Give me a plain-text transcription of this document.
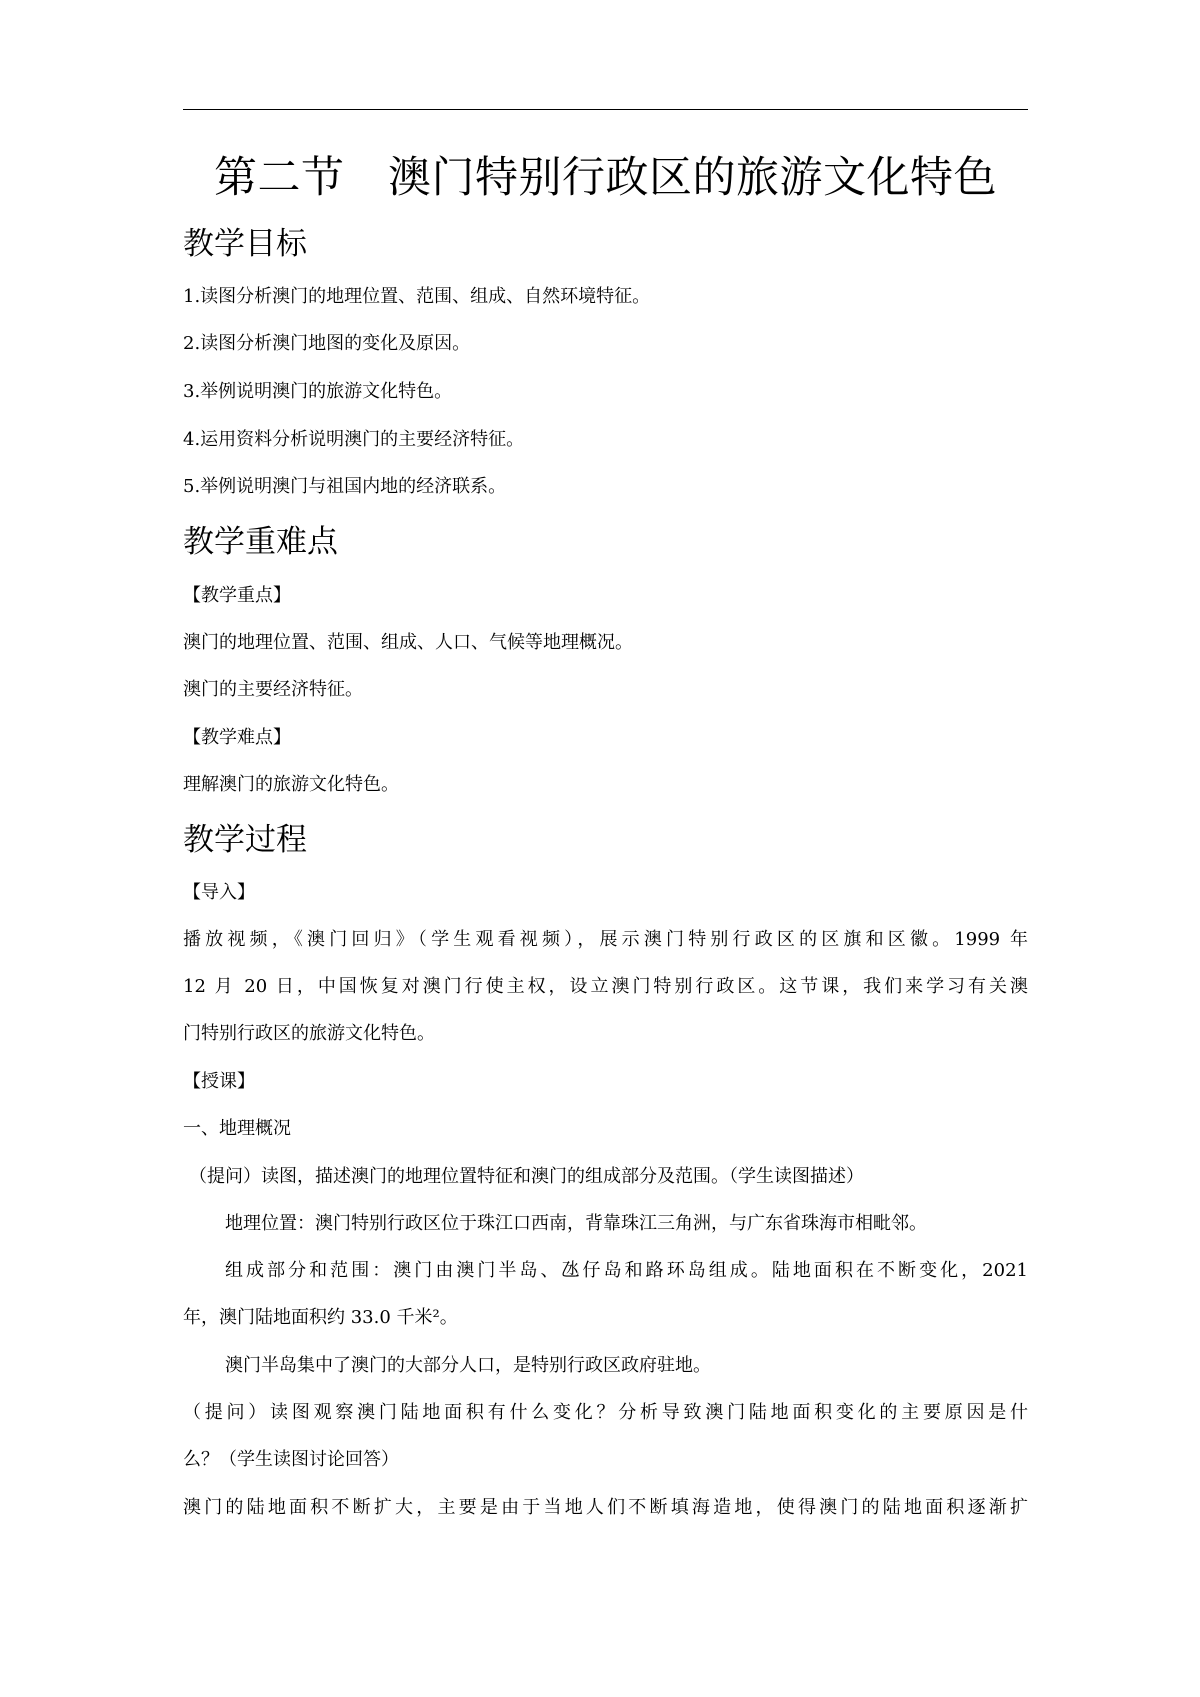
第二节　澳门特别行政区的旅游文化特色
教学目标
1.读图分析澳门的地理位置、范围、组成、自然环境特征。
2.读图分析澳门地图的变化及原因。
3.举例说明澳门的旅游文化特色。
4.运用资料分析说明澳门的主要经济特征。
5.举例说明澳门与祖国内地的经济联系。
教学重难点
【教学重点】
澳门的地理位置、范围、组成、人口、气候等地理概况。
澳门的主要经济特征。
【教学难点】
理解澳门的旅游文化特色。
教学过程
【导入】
播放视频，《澳门回归》（学生观看视频），展示澳门特别行政区的区旗和区徽。1999 年
12 月 20 日，中国恢复对澳门行使主权，设立澳门特别行政区。这节课，我们来学习有关澳
门特别行政区的旅游文化特色。
【授课】
一、地理概况
（提问）读图，描述澳门的地理位置特征和澳门的组成部分及范围。（学生读图描述）
地理位置：澳门特别行政区位于珠江口西南，背靠珠江三角洲，与广东省珠海市相毗邻。
组成部分和范围：澳门由澳门半岛、氹仔岛和路环岛组成。陆地面积在不断变化，2021
年，澳门陆地面积约 33.0 千米²。
澳门半岛集中了澳门的大部分人口，是特别行政区政府驻地。
（提问）读图观察澳门陆地面积有什么变化？分析导致澳门陆地面积变化的主要原因是什
么？（学生读图讨论回答）
澳门的陆地面积不断扩大，主要是由于当地人们不断填海造地，使得澳门的陆地面积逐渐扩
